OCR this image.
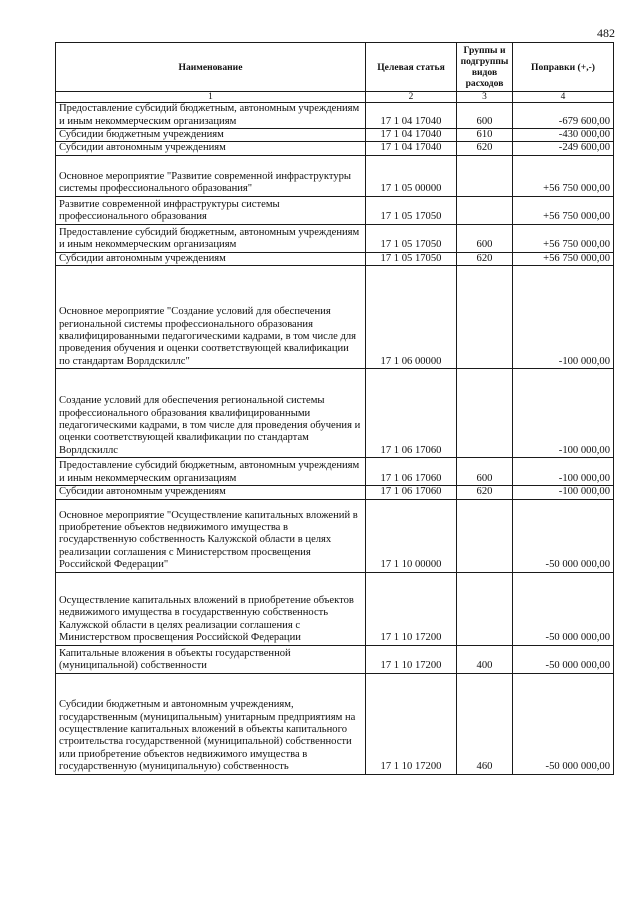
482
Наименование	Целевая статья	Группы и подгруппы видов расходов	Поправки (+,-)
1	2	3	4
Предоставление субсидий бюджетным, автономным учреждениям и иным некоммерческим организациям	17 1 04 17040	600	-679 600,00
Субсидии бюджетным учреждениям	17 1 04 17040	610	-430 000,00
Субсидии автономным учреждениям	17 1 04 17040	620	-249 600,00
Основное мероприятие "Развитие современной инфраструктуры системы профессионального образования"	17 1 05 00000		+56 750 000,00
Развитие современной инфраструктуры системы профессионального образования	17 1 05 17050		+56 750 000,00
Предоставление субсидий бюджетным, автономным учреждениям и иным некоммерческим организациям	17 1 05 17050	600	+56 750 000,00
Субсидии автономным учреждениям	17 1 05 17050	620	+56 750 000,00
Основное мероприятие "Создание условий для обеспечения региональной системы профессионального образования квалифицированными педагогическими кадрами, в том числе для проведения обучения и оценки соответствующей квалификации по стандартам Ворлдскиллс"	17 1 06 00000		-100 000,00
Создание условий для обеспечения региональной системы профессионального образования квалифицированными педагогическими кадрами, в том числе для проведения обучения и оценки соответствующей квалификации по стандартам Ворлдскиллс	17 1 06 17060		-100 000,00
Предоставление субсидий бюджетным, автономным учреждениям и иным некоммерческим организациям	17 1 06 17060	600	-100 000,00
Субсидии автономным учреждениям	17 1 06 17060	620	-100 000,00
Основное мероприятие "Осуществление капитальных вложений в приобретение объектов недвижимого имущества в государственную собственность Калужской области в целях реализации соглашения с Министерством просвещения Российской Федерации"	17 1 10 00000		-50 000 000,00
Осуществление капитальных вложений в приобретение объектов недвижимого имущества в государственную собственность Калужской области в целях реализации соглашения с Министерством просвещения Российской Федерации	17 1 10 17200		-50 000 000,00
Капитальные вложения в объекты государственной (муниципальной) собственности	17 1 10 17200	400	-50 000 000,00
Субсидии бюджетным и автономным учреждениям, государственным (муниципальным) унитарным предприятиям на осуществление капитальных вложений в объекты капитального строительства государственной (муниципальной) собственности или приобретение объектов недвижимого имущества в государственную (муниципальную) собственность	17 1 10 17200	460	-50 000 000,00
